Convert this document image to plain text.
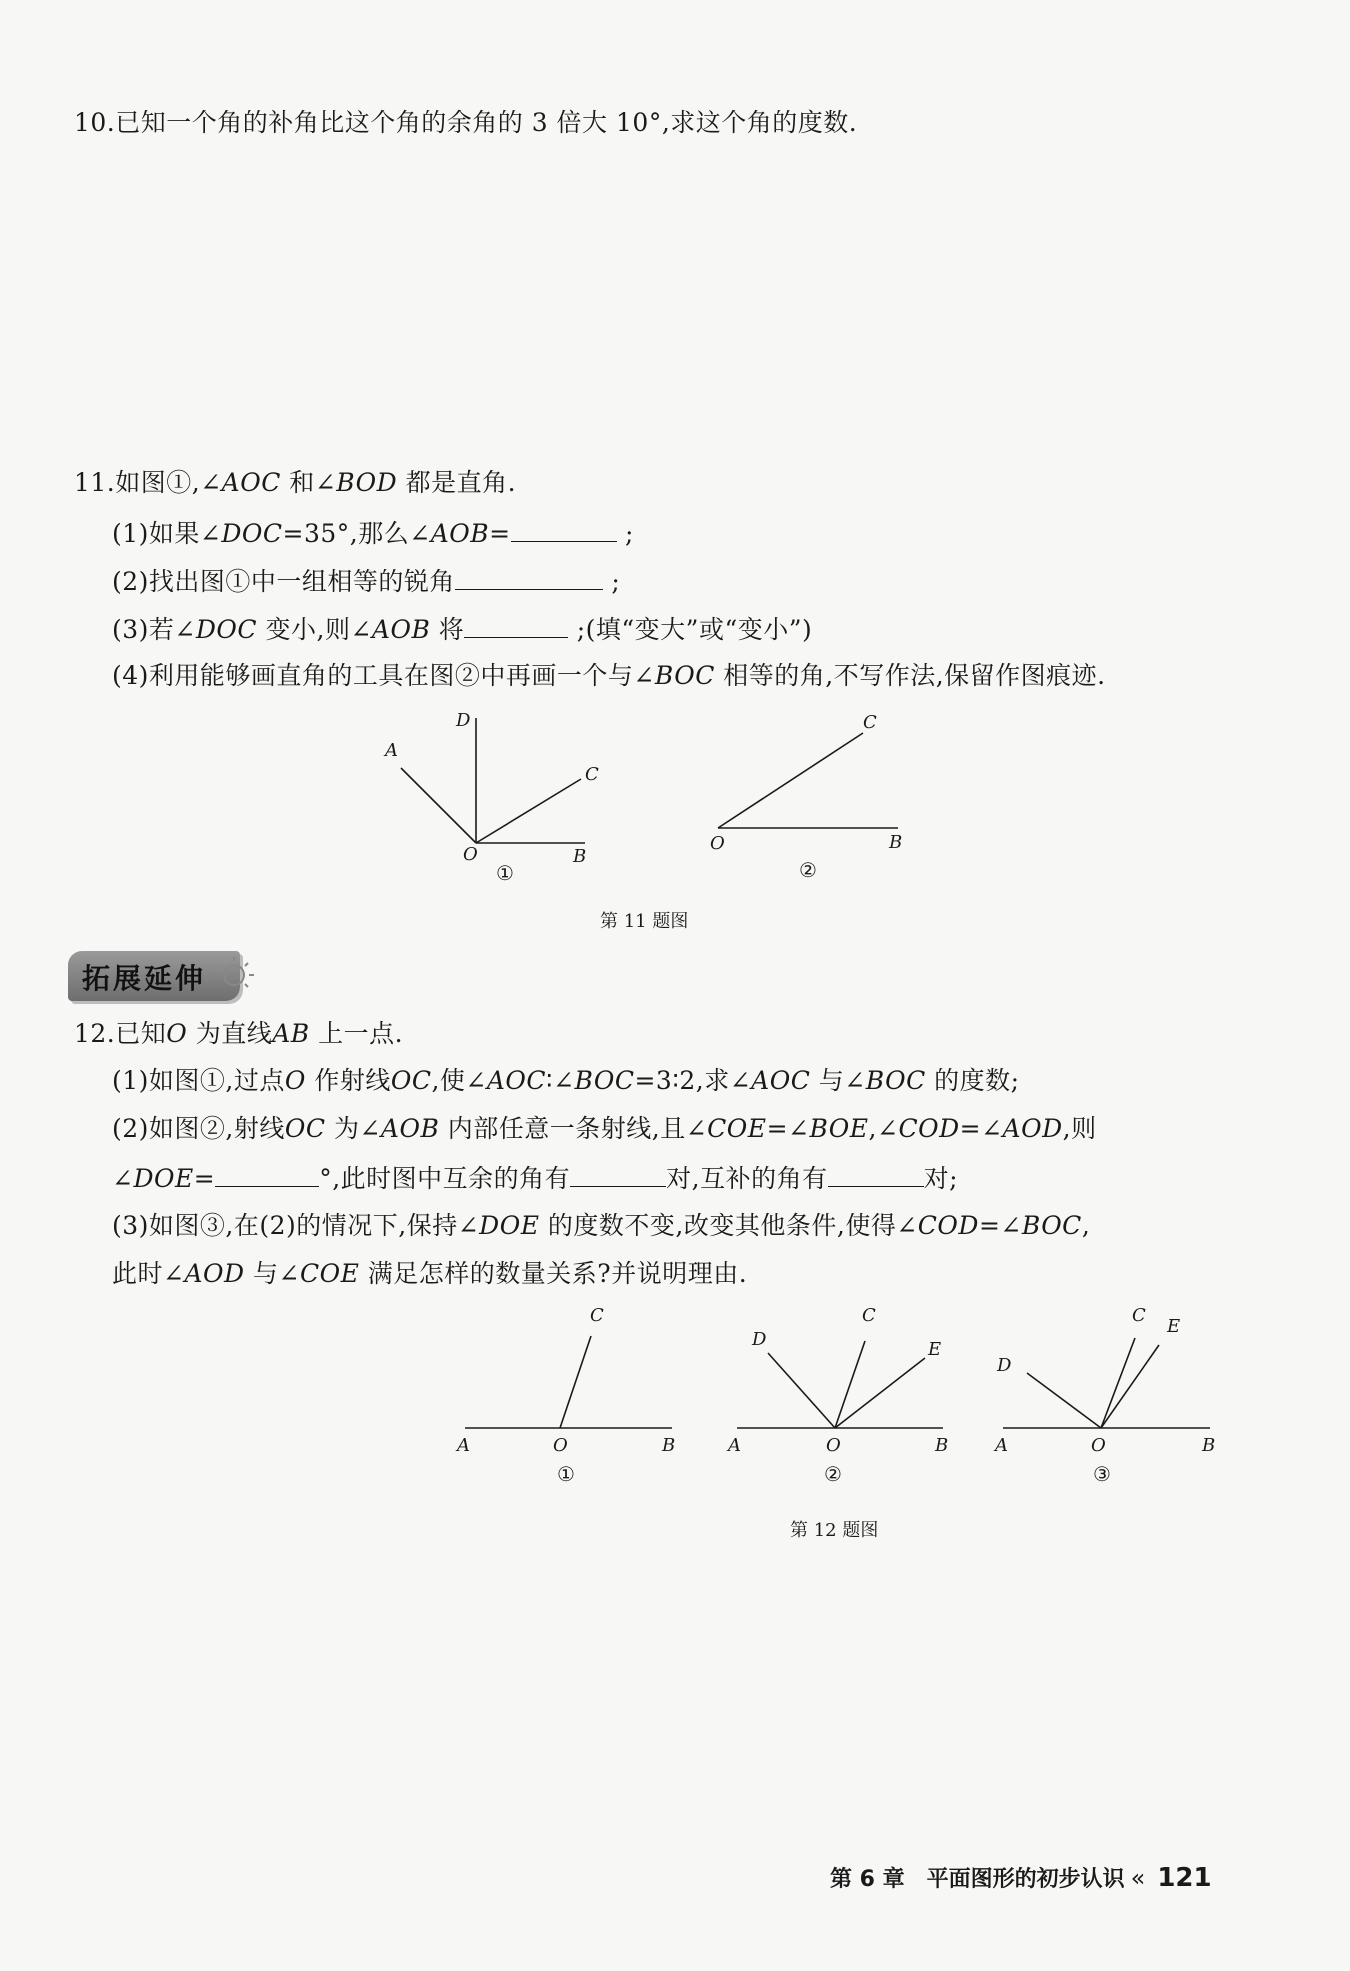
10.已知一个角的补角比这个角的余角的 3 倍大 10°,求这个角的度数.
11.如图①,∠AOC 和∠BOD 都是直角.
(1)如果∠DOC=35°,那么∠AOB=	;
(2)找出图①中一组相等的锐角	;
(3)若∠DOC 变小,则∠AOB 将	;(填“变大”或“变小”)
(4)利用能够画直角的工具在图②中再画一个与∠BOC 相等的角,不写作法,保留作图痕迹.
A
D
C
O	B
①
C
O	B
②
第 11 题图
拓展延伸
12.已知O 为直线AB 上一点.
(1)如图①,过点O 作射线OC,使∠AOC∶∠BOC=3∶2,求∠AOC 与∠BOC 的度数;
(2)如图②,射线OC 为∠AOB 内部任意一条射线,且∠COE=∠BOE,∠COD=∠AOD,则
∠DOE=	°,此时图中互余的角有	对,互补的角有	对;
(3)如图③,在(2)的情况下,保持∠DOE 的度数不变,改变其他条件,使得∠COD=∠BOC,
此时∠AOD 与∠COE 满足怎样的数量关系?并说明理由.
C
A	O	B
①
D
C
E
A	O	B
②
C
E
D
A	O	B
③
第 12 题图
第 6 章　平面图形的初步认识 « 121
